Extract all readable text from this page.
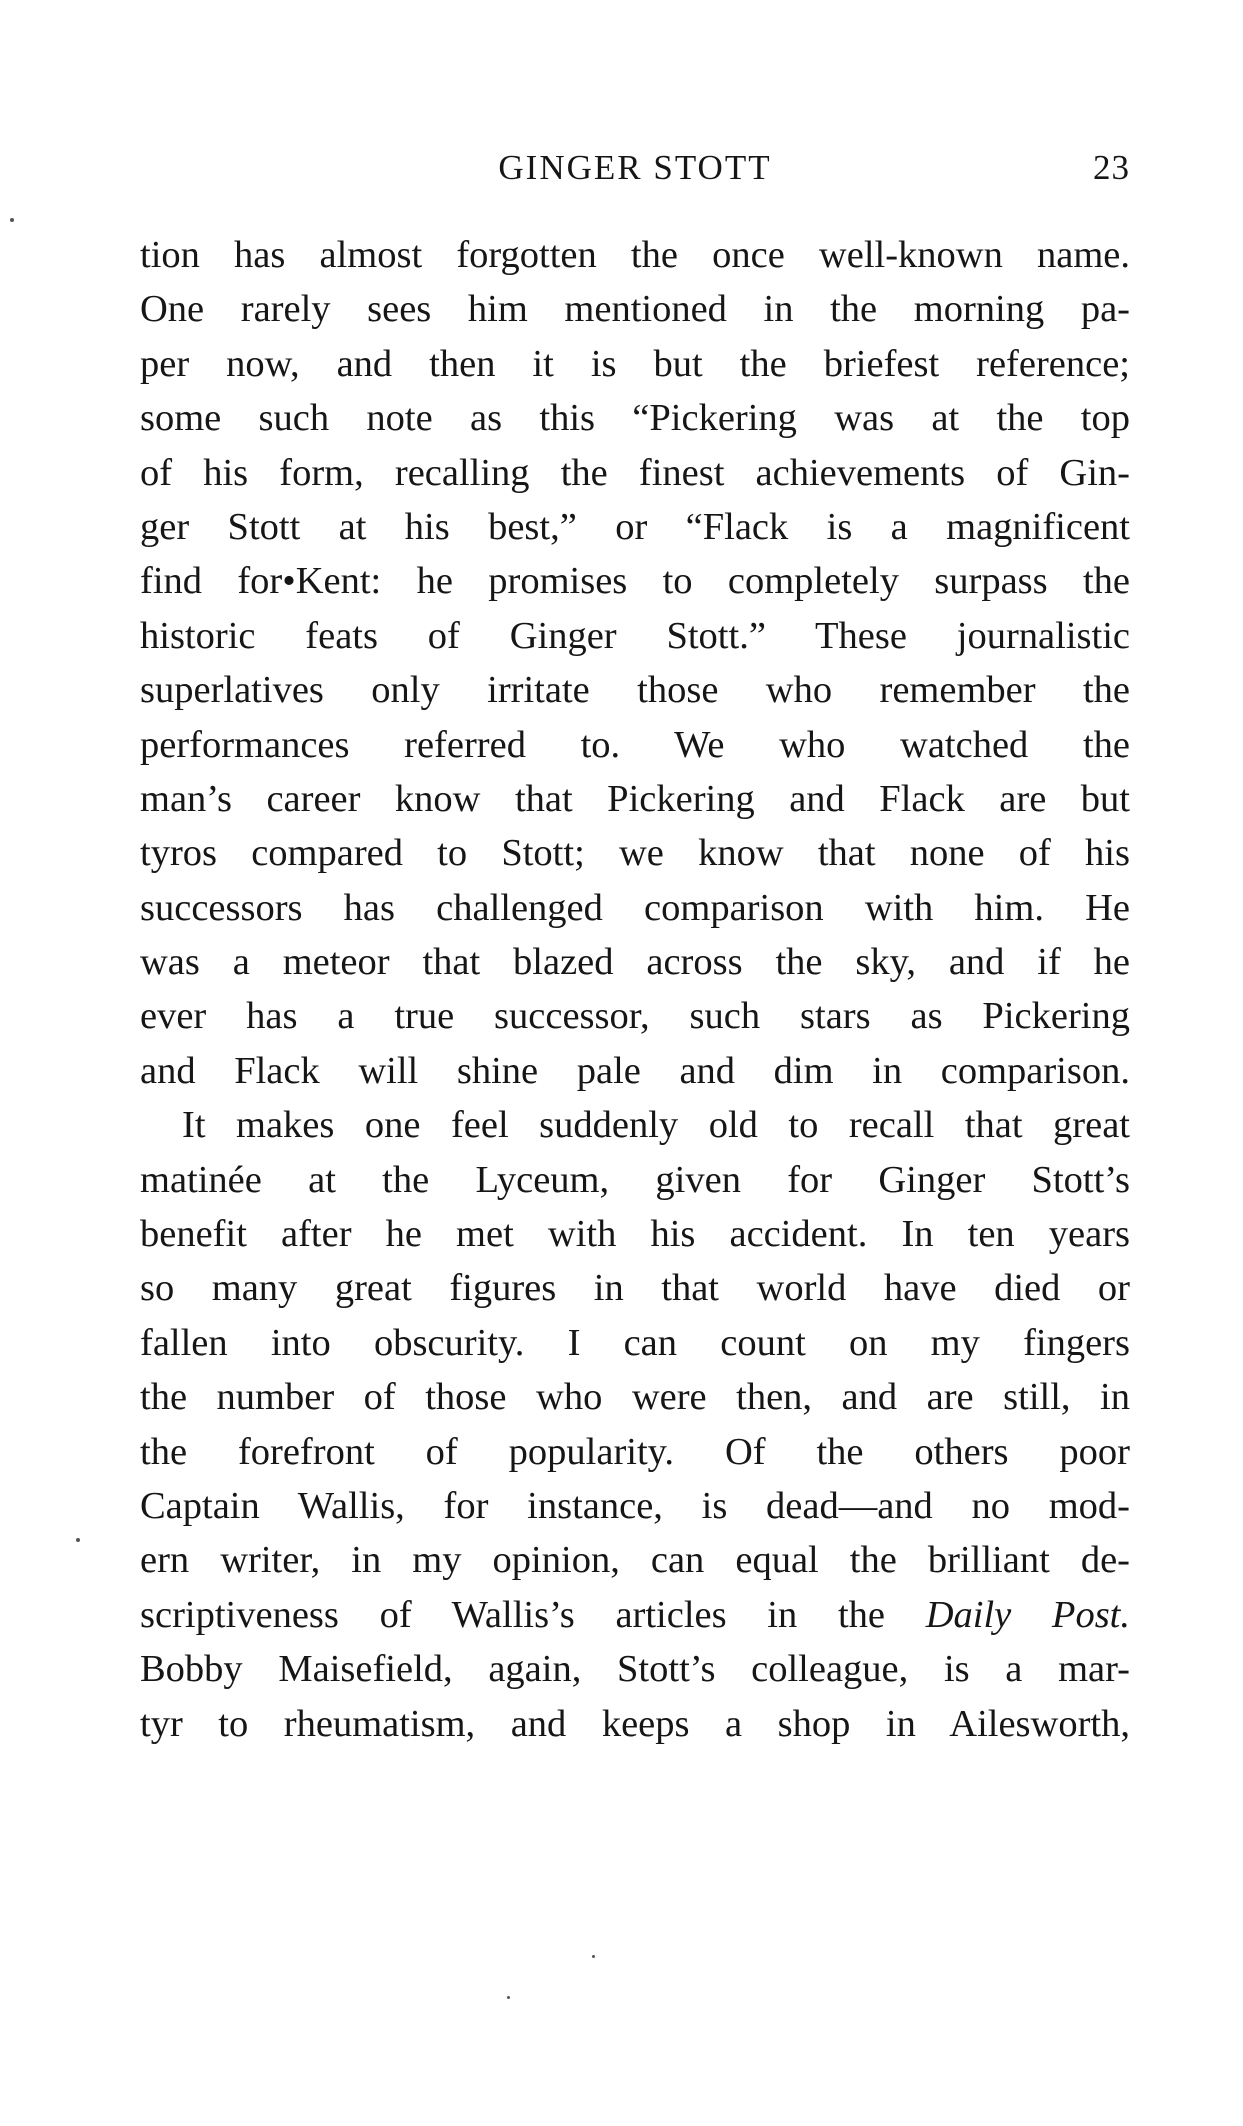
GINGER STOTT	23
tion has almost forgotten the once well-known name.
One rarely sees him mentioned in the morning pa-
per now, and then it is but the briefest reference;
some such note as this “Pickering was at the top
of his form, recalling the finest achievements of Gin-
ger Stott at his best,” or “Flack is a magnificent
find for•Kent: he promises to completely surpass the
historic feats of Ginger Stott.” These journalistic
superlatives only irritate those who remember the
performances referred to. We who watched the
man’s career know that Pickering and Flack are but
tyros compared to Stott; we know that none of his
successors has challenged comparison with him. He
was a meteor that blazed across the sky, and if he
ever has a true successor, such stars as Pickering
and Flack will shine pale and dim in comparison.
It makes one feel suddenly old to recall that great
matinée at the Lyceum, given for Ginger Stott’s
benefit after he met with his accident. In ten years
so many great figures in that world have died or
fallen into obscurity. I can count on my fingers
the number of those who were then, and are still, in
the forefront of popularity. Of the others poor
Captain Wallis, for instance, is dead—and no mod-
ern writer, in my opinion, can equal the brilliant de-
scriptiveness of Wallis’s articles in the Daily Post.
Bobby Maisefield, again, Stott’s colleague, is a mar-
tyr to rheumatism, and keeps a shop in Ailesworth,
